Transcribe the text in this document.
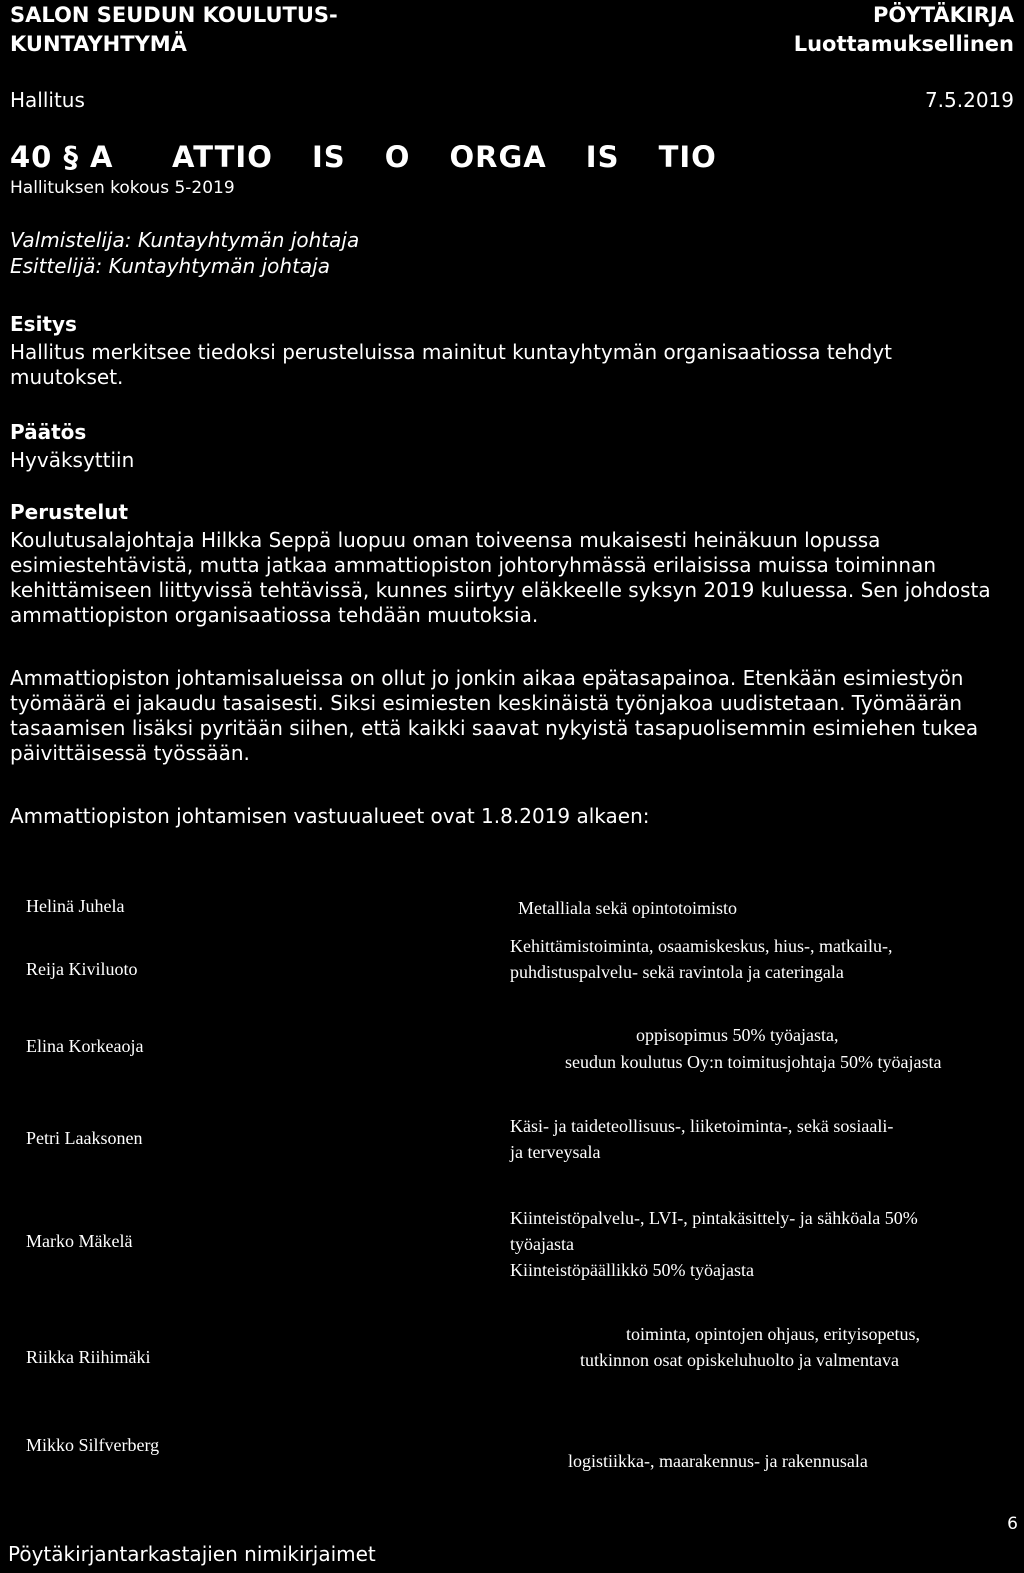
SALON SEUDUN KOULUTUS-
KUNTAYHTYMÄ
PÖYTÄKIRJA
Luottamuksellinen
Hallitus	7.5.2019
40 § A ATTIO IS O ORGA IS TIO
Hallituksen kokous 5-2019
Valmistelija: Kuntayhtymän johtaja
Esittelijä: Kuntayhtymän johtaja
Esitys
Hallitus merkitsee tiedoksi perusteluissa mainitut kuntayhtymän organisaatiossa tehdyt muutokset.
Päätös
Hyväksyttiin
Perustelut
Koulutusalajohtaja Hilkka Seppä luopuu oman toiveensa mukaisesti heinäkuun lopussa esimiestehtävistä, mutta jatkaa ammattiopiston johtoryhmässä erilaisissa muissa toiminnan kehittämiseen liittyvissä tehtävissä, kunnes siirtyy eläkkeelle syksyn 2019 kuluessa. Sen johdosta ammattiopiston organisaatiossa tehdään muutoksia.
Ammattiopiston johtamisalueissa on ollut jo jonkin aikaa epätasapainoa. Etenkään esimiestyön työmäärä ei jakaudu tasaisesti. Siksi esimiesten keskinäistä työnjakoa uudistetaan. Työmäärän tasaamisen lisäksi pyritään siihen, että kaikki saavat nykyistä tasapuolisemmin esimiehen tukea päivittäisessä työssään.
Ammattiopiston johtamisen vastuualueet ovat 1.8.2019 alkaen:
Helinä Juhela	Metalliala sekä opintotoimisto
Reija Kiviluoto
Kehittämistoiminta, osaamiskeskus, hius-, matkailu-,
puhdistuspalvelu- sekä ravintola ja cateringala
Elina Korkeaoja
oppisopimus 50% työajasta,
seudun koulutus Oy:n toimitusjohtaja 50% työajasta
Petri Laaksonen
Käsi- ja taideteollisuus-, liiketoiminta-, sekä sosiaali-
ja terveysala
Marko Mäkelä
Kiinteistöpalvelu-, LVI-, pintakäsittely- ja sähköala 50%
työajasta
Kiinteistöpäällikkö 50% työajasta
Riikka Riihimäki
toiminta, opintojen ohjaus, erityisopetus,
tutkinnon osat opiskeluhuolto ja valmentava
Mikko Silfverberg
logistiikka-, maarakennus- ja rakennusala
Pöytäkirjantarkastajien nimikirjaimet
6
